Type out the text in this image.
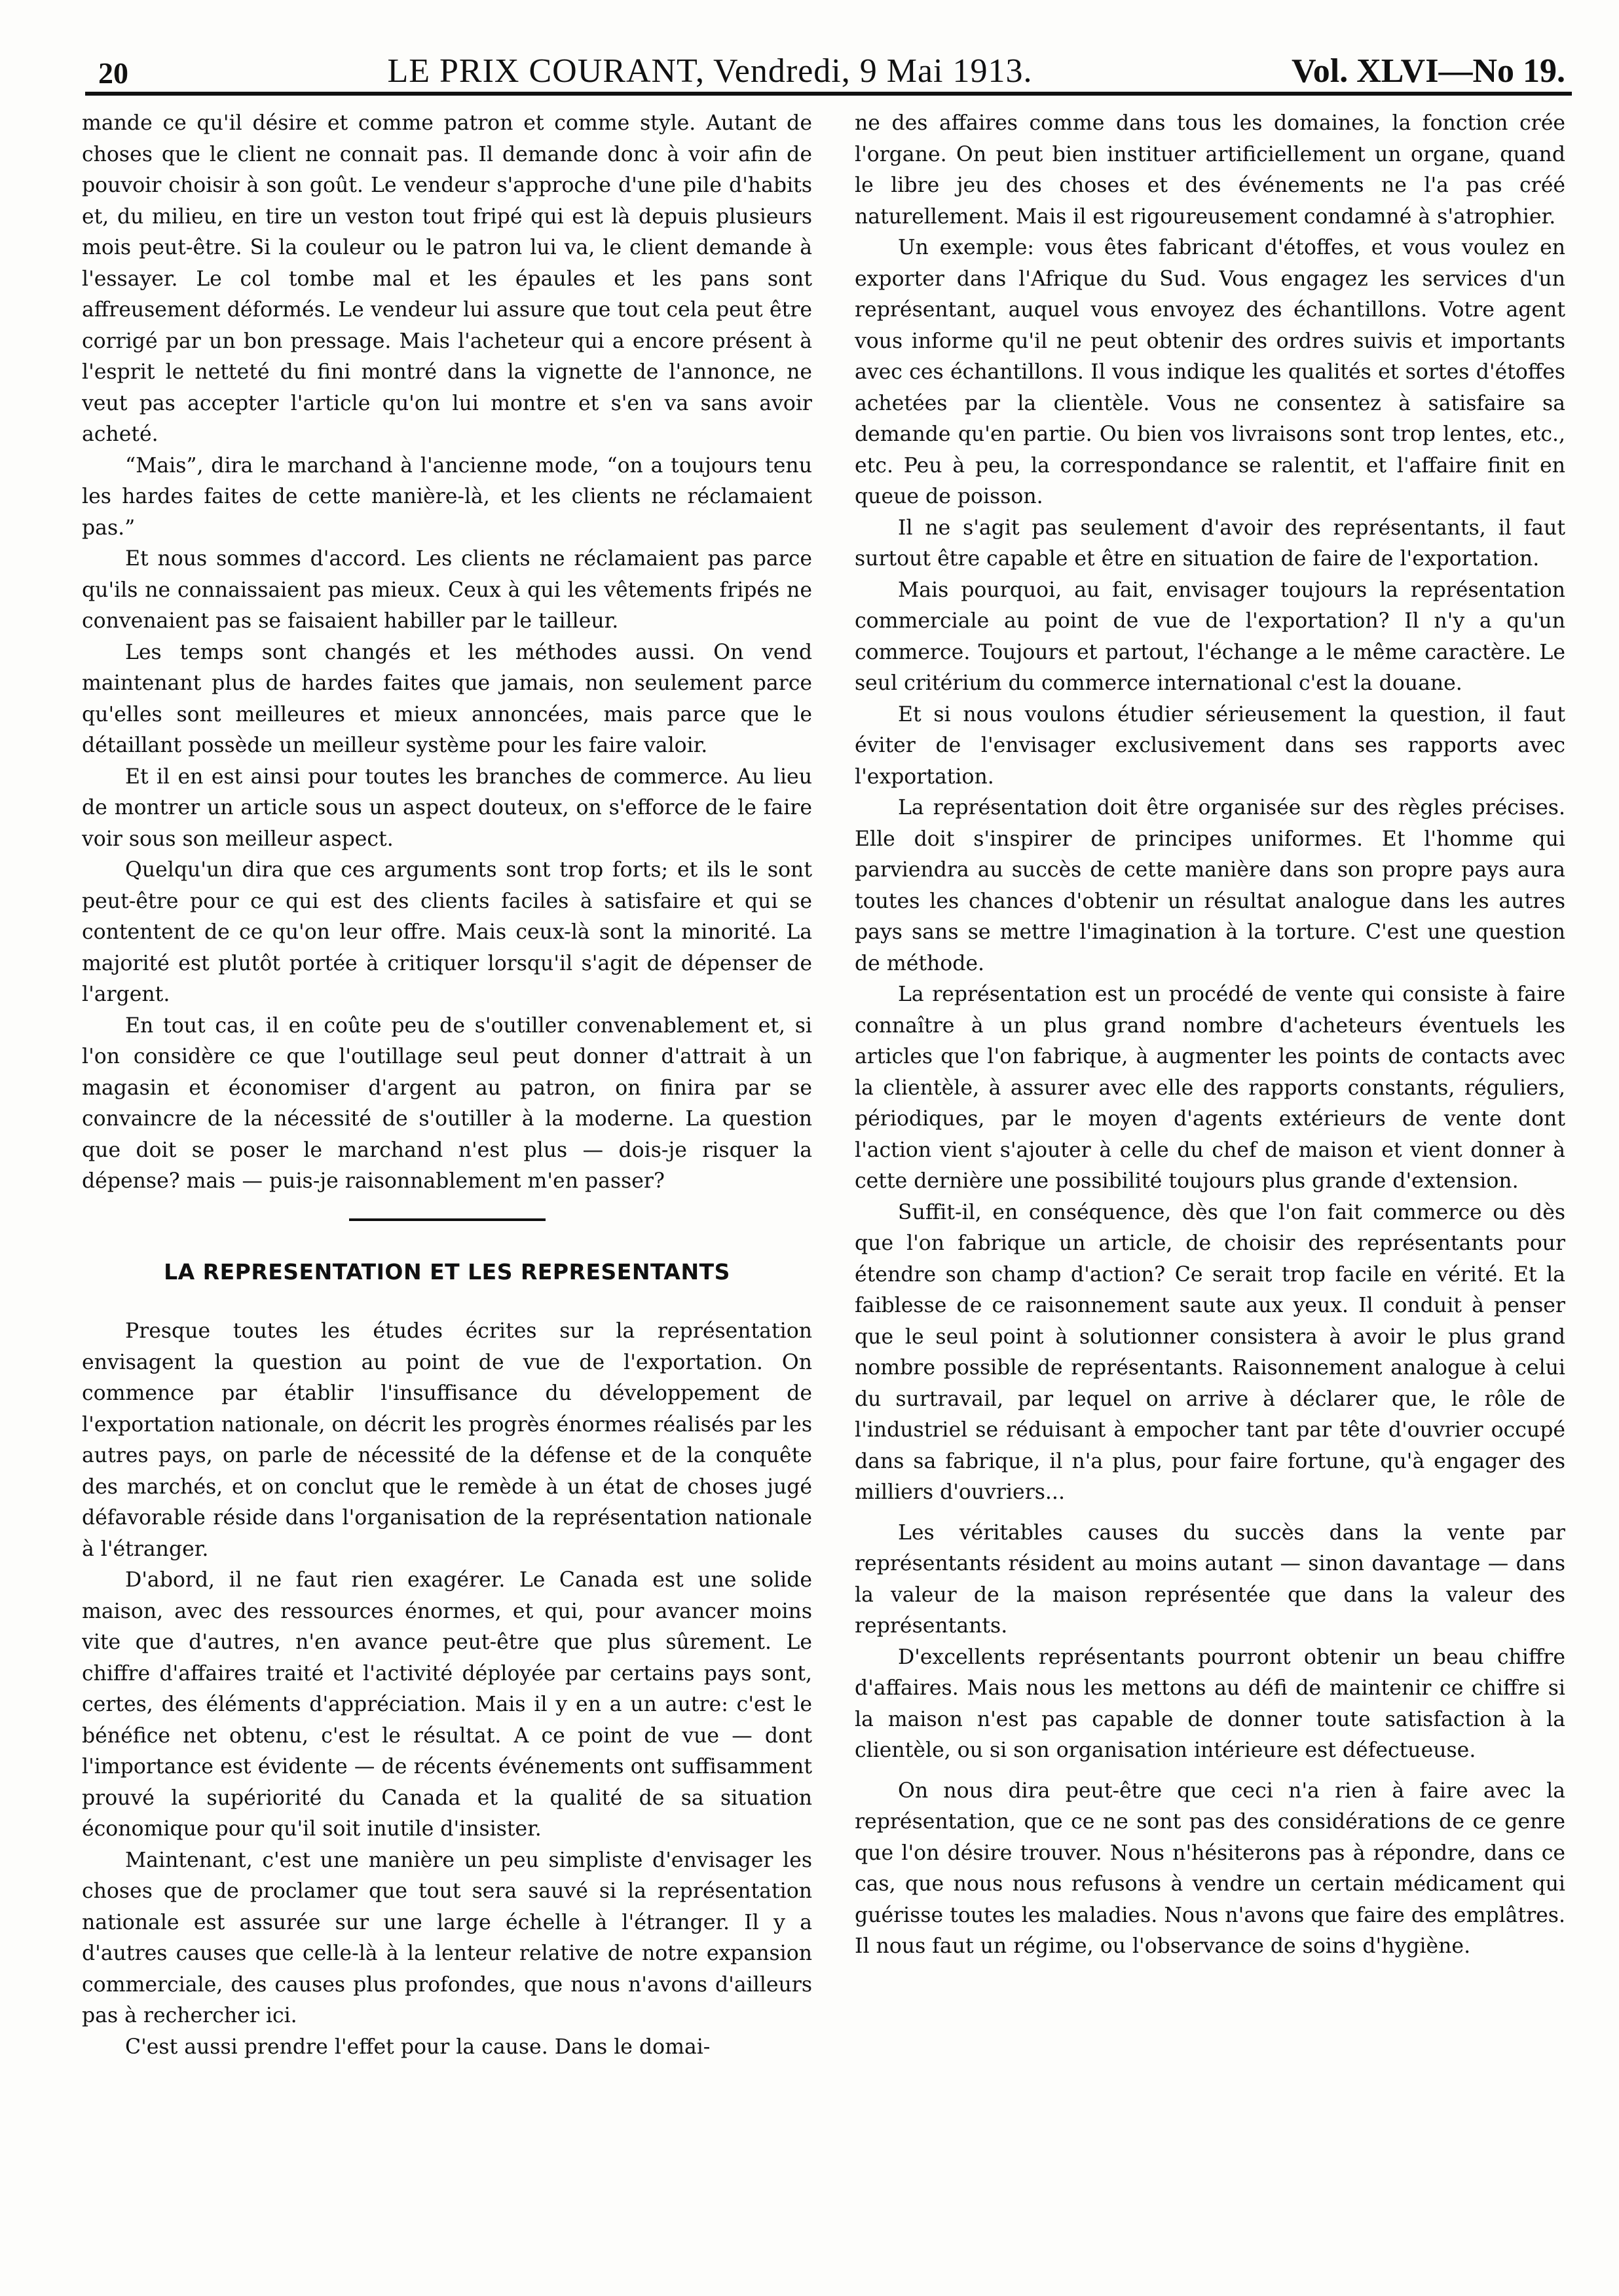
20	LE PRIX COURANT, Vendredi, 9 Mai 1913.	Vol. XLVI—No 19.

mande ce qu'il désire et comme patron et comme style. Autant de choses que le client ne connait pas. Il demande donc à voir afin de pouvoir choisir à son goût. Le vendeur s'approche d'une pile d'habits et, du milieu, en tire un veston tout fripé qui est là depuis plusieurs mois peut-être. Si la couleur ou le patron lui va, le client demande à l'essayer. Le col tombe mal et les épaules et les pans sont affreusement déformés. Le vendeur lui assure que tout cela peut être corrigé par un bon pressage. Mais l'acheteur qui a encore présent à l'esprit le netteté du fini montré dans la vignette de l'annonce, ne veut pas accepter l'article qu'on lui montre et s'en va sans avoir acheté.

“Mais”, dira le marchand à l'ancienne mode, “on a toujours tenu les hardes faites de cette manière-là, et les clients ne réclamaient pas.”

Et nous sommes d'accord. Les clients ne réclamaient pas parce qu'ils ne connaissaient pas mieux. Ceux à qui les vêtements fripés ne convenaient pas se faisaient habiller par le tailleur.

Les temps sont changés et les méthodes aussi. On vend maintenant plus de hardes faites que jamais, non seulement parce qu'elles sont meilleures et mieux annoncées, mais parce que le détaillant possède un meilleur système pour les faire valoir.

Et il en est ainsi pour toutes les branches de commerce. Au lieu de montrer un article sous un aspect douteux, on s'efforce de le faire voir sous son meilleur aspect.

Quelqu'un dira que ces arguments sont trop forts; et ils le sont peut-être pour ce qui est des clients faciles à satisfaire et qui se contentent de ce qu'on leur offre. Mais ceux-là sont la minorité. La majorité est plutôt portée à critiquer lorsqu'il s'agit de dépenser de l'argent.

En tout cas, il en coûte peu de s'outiller convenablement et, si l'on considère ce que l'outillage seul peut donner d'attrait à un magasin et économiser d'argent au patron, on finira par se convaincre de la nécessité de s'outiller à la moderne. La question que doit se poser le marchand n'est plus — dois-je risquer la dépense? mais — puis-je raisonnablement m'en passer?

LA REPRESENTATION ET LES REPRESENTANTS

Presque toutes les études écrites sur la représentation envisagent la question au point de vue de l'exportation. On commence par établir l'insuffisance du développement de l'exportation nationale, on décrit les progrès énormes réalisés par les autres pays, on parle de nécessité de la défense et de la conquête des marchés, et on conclut que le remède à un état de choses jugé défavorable réside dans l'organisation de la représentation nationale à l'étranger.

D'abord, il ne faut rien exagérer. Le Canada est une solide maison, avec des ressources énormes, et qui, pour avancer moins vite que d'autres, n'en avance peut-être que plus sûrement. Le chiffre d'affaires traité et l'activité déployée par certains pays sont, certes, des éléments d'appréciation. Mais il y en a un autre: c'est le bénéfice net obtenu, c'est le résultat. A ce point de vue — dont l'importance est évidente — de récents événements ont suffisamment prouvé la supériorité du Canada et la qualité de sa situation économique pour qu'il soit inutile d'insister.

Maintenant, c'est une manière un peu simpliste d'envisager les choses que de proclamer que tout sera sauvé si la représentation nationale est assurée sur une large échelle à l'étranger. Il y a d'autres causes que celle-là à la lenteur relative de notre expansion commerciale, des causes plus profondes, que nous n'avons d'ailleurs pas à rechercher ici.

C'est aussi prendre l'effet pour la cause. Dans le domai-

ne des affaires comme dans tous les domaines, la fonction crée l'organe. On peut bien instituer artificiellement un organe, quand le libre jeu des choses et des événements ne l'a pas créé naturellement. Mais il est rigoureusement condamné à s'atrophier.

Un exemple: vous êtes fabricant d'étoffes, et vous voulez en exporter dans l'Afrique du Sud. Vous engagez les services d'un représentant, auquel vous envoyez des échantillons. Votre agent vous informe qu'il ne peut obtenir des ordres suivis et importants avec ces échantillons. Il vous indique les qualités et sortes d'étoffes achetées par la clientèle. Vous ne consentez à satisfaire sa demande qu'en partie. Ou bien vos livraisons sont trop lentes, etc., etc. Peu à peu, la correspondance se ralentit, et l'affaire finit en queue de poisson.

Il ne s'agit pas seulement d'avoir des représentants, il faut surtout être capable et être en situation de faire de l'exportation.

Mais pourquoi, au fait, envisager toujours la représentation commerciale au point de vue de l'exportation? Il n'y a qu'un commerce. Toujours et partout, l'échange a le même caractère. Le seul critérium du commerce international c'est la douane.

Et si nous voulons étudier sérieusement la question, il faut éviter de l'envisager exclusivement dans ses rapports avec l'exportation.

La représentation doit être organisée sur des règles précises. Elle doit s'inspirer de principes uniformes. Et l'homme qui parviendra au succès de cette manière dans son propre pays aura toutes les chances d'obtenir un résultat analogue dans les autres pays sans se mettre l'imagination à la torture. C'est une question de méthode.

La représentation est un procédé de vente qui consiste à faire connaître à un plus grand nombre d'acheteurs éventuels les articles que l'on fabrique, à augmenter les points de contacts avec la clientèle, à assurer avec elle des rapports constants, réguliers, périodiques, par le moyen d'agents extérieurs de vente dont l'action vient s'ajouter à celle du chef de maison et vient donner à cette dernière une possibilité toujours plus grande d'extension.

Suffit-il, en conséquence, dès que l'on fait commerce ou dès que l'on fabrique un article, de choisir des représentants pour étendre son champ d'action? Ce serait trop facile en vérité. Et la faiblesse de ce raisonnement saute aux yeux. Il conduit à penser que le seul point à solutionner consistera à avoir le plus grand nombre possible de représentants. Raisonnement analogue à celui du surtravail, par lequel on arrive à déclarer que, le rôle de l'industriel se réduisant à empocher tant par tête d'ouvrier occupé dans sa fabrique, il n'a plus, pour faire fortune, qu'à engager des milliers d'ouvriers...

Les véritables causes du succès dans la vente par représentants résident au moins autant — sinon davantage — dans la valeur de la maison représentée que dans la valeur des représentants.

D'excellents représentants pourront obtenir un beau chiffre d'affaires. Mais nous les mettons au défi de maintenir ce chiffre si la maison n'est pas capable de donner toute satisfaction à la clientèle, ou si son organisation intérieure est défectueuse.

On nous dira peut-être que ceci n'a rien à faire avec la représentation, que ce ne sont pas des considérations de ce genre que l'on désire trouver. Nous n'hésiterons pas à répondre, dans ce cas, que nous nous refusons à vendre un certain médicament qui guérisse toutes les maladies. Nous n'avons que faire des emplâtres. Il nous faut un régime, ou l'observance de soins d'hygiène.
